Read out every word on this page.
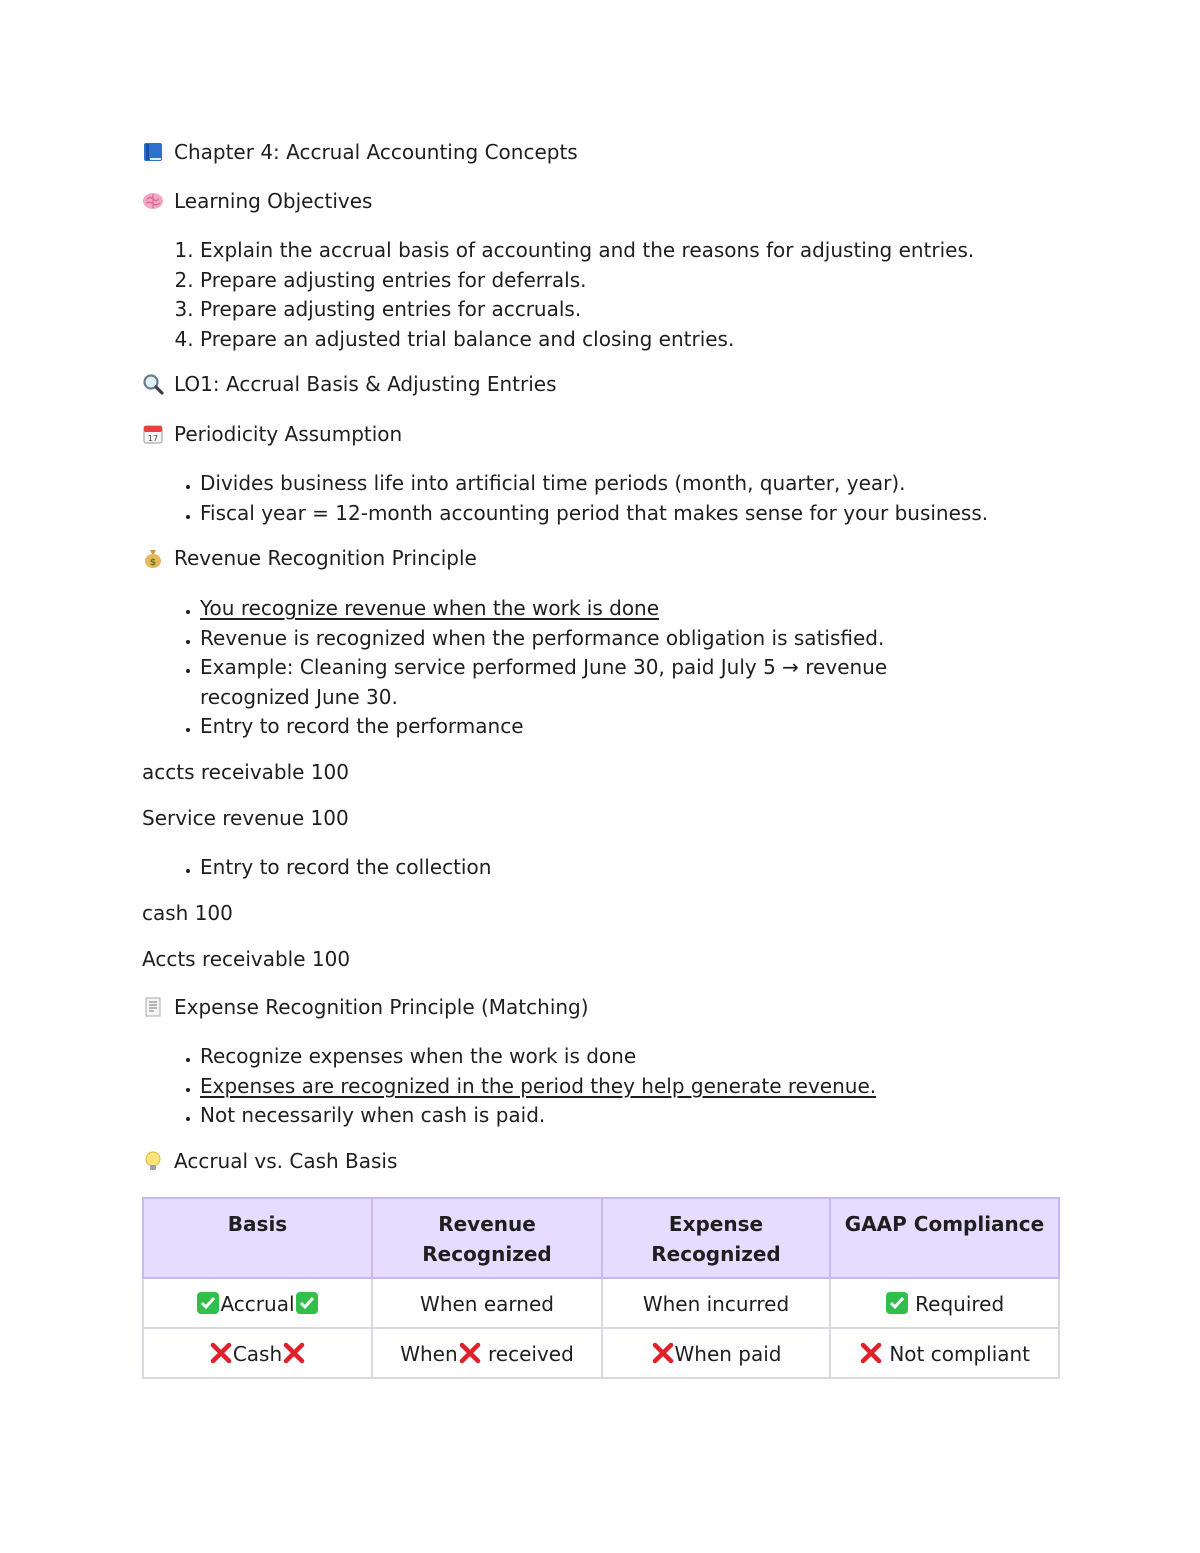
Chapter 4: Accrual Accounting Concepts
Learning Objectives
1. Explain the accrual basis of accounting and the reasons for adjusting entries.
2. Prepare adjusting entries for deferrals.
3. Prepare adjusting entries for accruals.
4. Prepare an adjusted trial balance and closing entries.
LO1: Accrual Basis & Adjusting Entries
17 Periodicity Assumption
• Divides business life into artificial time periods (month, quarter, year).
• Fiscal year = 12-month accounting period that makes sense for your business.
$ Revenue Recognition Principle
• You recognize revenue when the work is done
• Revenue is recognized when the performance obligation is satisfied.
• Example: Cleaning service performed June 30, paid July 5 → revenue
recognized June 30.
• Entry to record the performance
accts receivable 100
Service revenue 100
• Entry to record the collection
cash 100
Accts receivable 100
Expense Recognition Principle (Matching)
• Recognize expenses when the work is done
• Expenses are recognized in the period they help generate revenue.
• Not necessarily when cash is paid.
Accrual vs. Cash Basis
Basis	Revenue Recognized	Expense Recognized	GAAP Compliance
Accrual	When earned	When incurred	Required
Cash	When received	When paid	Not compliant
